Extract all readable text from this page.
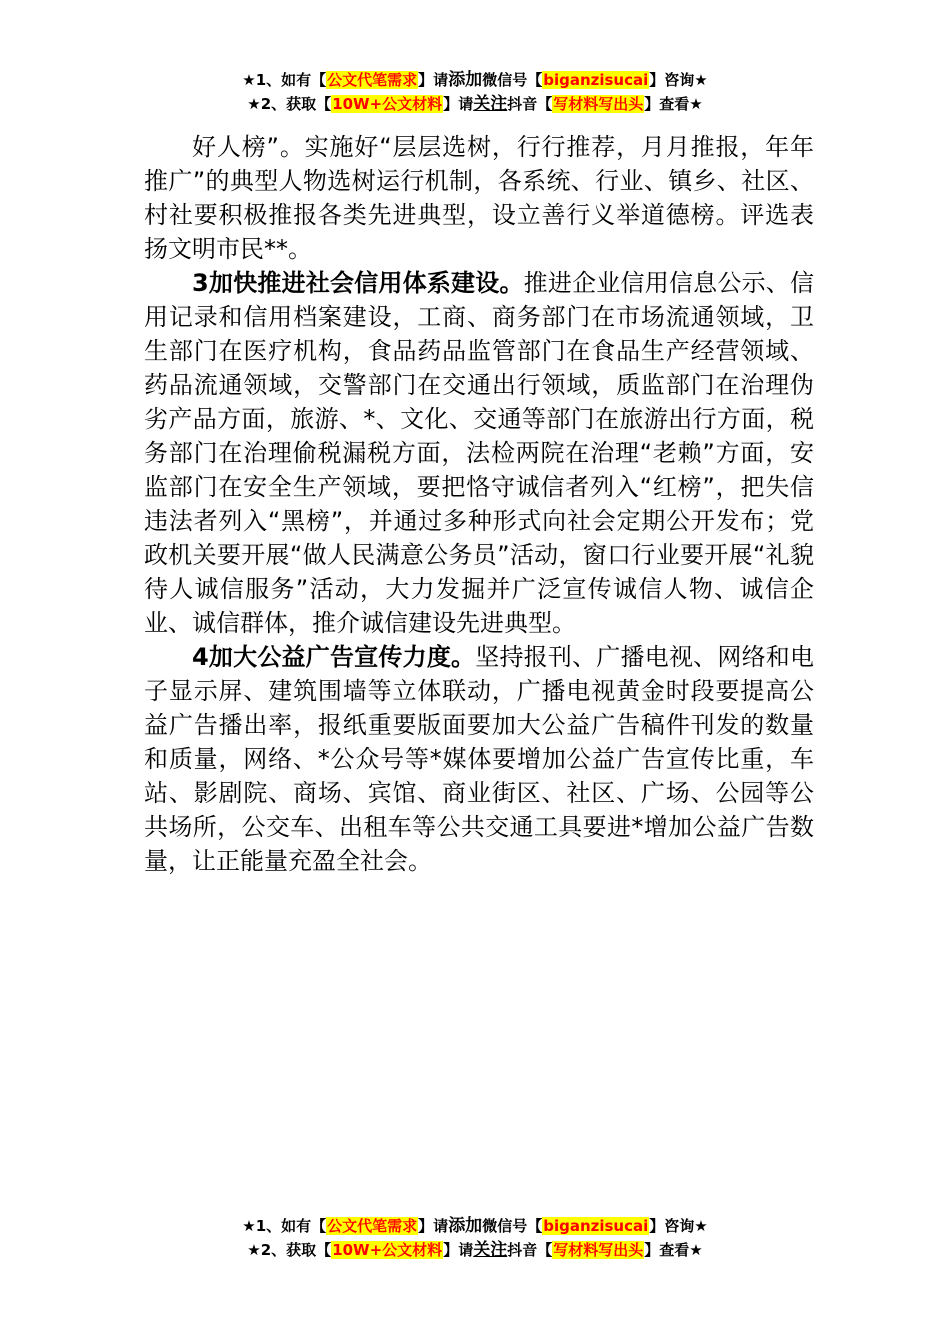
★1、如有【公文代笔需求】请添加微信号【biganzisucai】咨询★
★2、获取【10W+公文材料】请关注抖音【写材料写出头】查看★

好人榜”。实施好“层层选树，行行推荐，月月推报，年年推广”的典型人物选树运行机制，各系统、行业、镇乡、社区、村社要积极推报各类先进典型，设立善行义举道德榜。评选表扬文明市民**。

3加快推进社会信用体系建设。推进企业信用信息公示、信用记录和信用档案建设，工商、商务部门在市场流通领域，卫生部门在医疗机构，食品药品监管部门在食品生产经营领域、药品流通领域，交警部门在交通出行领域，质监部门在治理伪劣产品方面，旅游、*、文化、交通等部门在旅游出行方面，税务部门在治理偷税漏税方面，法检两院在治理“老赖”方面，安监部门在安全生产领域，要把恪守诚信者列入“红榜”，把失信违法者列入“黑榜”，并通过多种形式向社会定期公开发布；党政机关要开展“做人民满意公务员”活动，窗口行业要开展“礼貌待人诚信服务”活动，大力发掘并广泛宣传诚信人物、诚信企业、诚信群体，推介诚信建设先进典型。

4加大公益广告宣传力度。坚持报刊、广播电视、网络和电子显示屏、建筑围墙等立体联动，广播电视黄金时段要提高公益广告播出率，报纸重要版面要加大公益广告稿件刊发的数量和质量，网络、*公众号等*媒体要增加公益广告宣传比重，车站、影剧院、商场、宾馆、商业街区、社区、广场、公园等公共场所，公交车、出租车等公共交通工具要进*增加公益广告数量，让正能量充盈全社会。

★1、如有【公文代笔需求】请添加微信号【biganzisucai】咨询★
★2、获取【10W+公文材料】请关注抖音【写材料写出头】查看★
